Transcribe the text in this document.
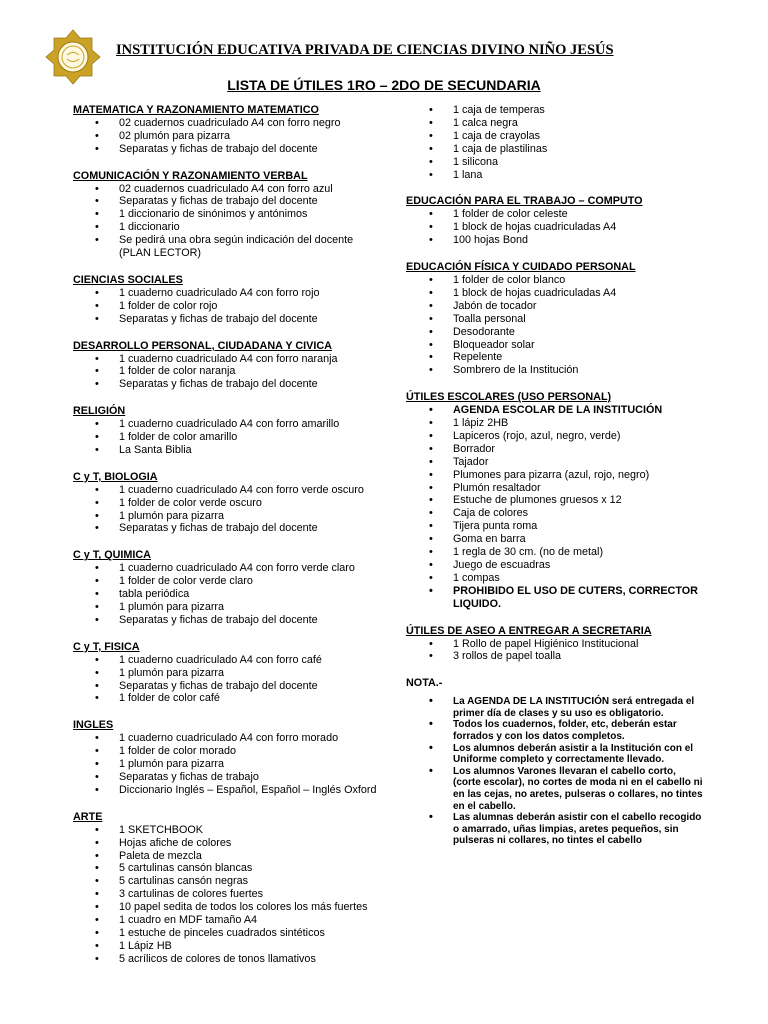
INSTITUCIÓN EDUCATIVA PRIVADA DE CIENCIAS DIVINO NIÑO JESÚS
LISTA DE ÚTILES 1RO – 2DO DE SECUNDARIA
MATEMATICA Y RAZONAMIENTO MATEMATICO
• 02 cuadernos cuadriculado A4 con forro negro
• 02 plumón para pizarra
• Separatas y fichas de trabajo del docente
COMUNICACIÓN Y RAZONAMIENTO VERBAL
• 02 cuadernos cuadriculado A4 con forro azul
• Separatas y fichas de trabajo del docente
• 1 diccionario de sinónimos y antónimos
• 1 diccionario
• Se pedirá una obra según indicación del docente (PLAN LECTOR)
CIENCIAS SOCIALES
• 1 cuaderno cuadriculado A4 con forro rojo
• 1 folder de color rojo
• Separatas y fichas de trabajo del docente
DESARROLLO PERSONAL, CIUDADANA Y CIVICA
• 1 cuaderno cuadriculado A4 con forro naranja
• 1 folder de color naranja
• Separatas y fichas de trabajo del docente
RELIGIÓN
• 1 cuaderno cuadriculado A4 con forro amarillo
• 1 folder de color amarillo
• La Santa Biblia
C y T, BIOLOGIA
• 1 cuaderno cuadriculado A4 con forro verde oscuro
• 1 folder de color verde oscuro
• 1 plumón para pizarra
• Separatas y fichas de trabajo del docente
C y T, QUIMICA
• 1 cuaderno cuadriculado A4 con forro verde claro
• 1 folder de color verde claro
• tabla periódica
• 1 plumón para pizarra
• Separatas y fichas de trabajo del docente
C y T, FISICA
• 1 cuaderno cuadriculado A4 con forro café
• 1 plumón para pizarra
• Separatas y fichas de trabajo del docente
• 1 folder de color café
INGLES
• 1 cuaderno cuadriculado A4 con forro morado
• 1 folder de color morado
• 1 plumón para pizarra
• Separatas y fichas de trabajo
• Diccionario Inglés – Español, Español – Inglés Oxford
ARTE
• 1 SKETCHBOOK
• Hojas afiche de colores
• Paleta de mezcla
• 5 cartulinas cansón blancas
• 5 cartulinas cansón negras
• 3 cartulinas de colores fuertes
• 10 papel sedita de todos los colores los más fuertes
• 1 cuadro en MDF tamaño A4
• 1 estuche de pinceles cuadrados sintéticos
• 1 Lápiz HB
• 5 acrílicos de colores de tonos llamativos
• 1 caja de temperas
• 1 calca negra
• 1 caja de crayolas
• 1 caja de plastilinas
• 1 silicona
• 1 lana
EDUCACIÓN PARA EL TRABAJO – COMPUTO
• 1 folder de color celeste
• 1 block de hojas cuadriculadas A4
• 100 hojas Bond
EDUCACIÓN FÍSICA Y CUIDADO PERSONAL
• 1 folder de color blanco
• 1 block de hojas cuadriculadas A4
• Jabón de tocador
• Toalla personal
• Desodorante
• Bloqueador solar
• Repelente
• Sombrero de la Institución
ÚTILES ESCOLARES (USO PERSONAL)
• AGENDA ESCOLAR DE LA INSTITUCIÓN
• 1 lápiz 2HB
• Lapiceros (rojo, azul, negro, verde)
• Borrador
• Tajador
• Plumones para pizarra (azul, rojo, negro)
• Plumón resaltador
• Estuche de plumones gruesos x 12
• Caja de colores
• Tijera punta roma
• Goma en barra
• 1 regla de 30 cm. (no de metal)
• Juego de escuadras
• 1 compas
• PROHIBIDO EL USO DE CUTERS, CORRECTOR LIQUIDO.
ÚTILES DE ASEO A ENTREGAR A SECRETARIA
• 1 Rollo de papel Higiénico Institucional
• 3 rollos de papel toalla
NOTA.-
• La AGENDA DE LA INSTITUCIÓN será entregada el primer día de clases y su uso es obligatorio.
• Todos los cuadernos, folder, etc, deberán estar forrados y con los datos completos.
• Los alumnos deberán asistir a la Institución con el Uniforme completo y correctamente llevado.
• Los alumnos Varones llevaran el cabello corto, (corte escolar), no cortes de moda ni en el cabello ni en las cejas, no aretes, pulseras o collares, no tintes en el cabello.
• Las alumnas deberán asistir con el cabello recogido o amarrado, uñas limpias, aretes pequeños, sin pulseras ni collares, no tintes el cabello
